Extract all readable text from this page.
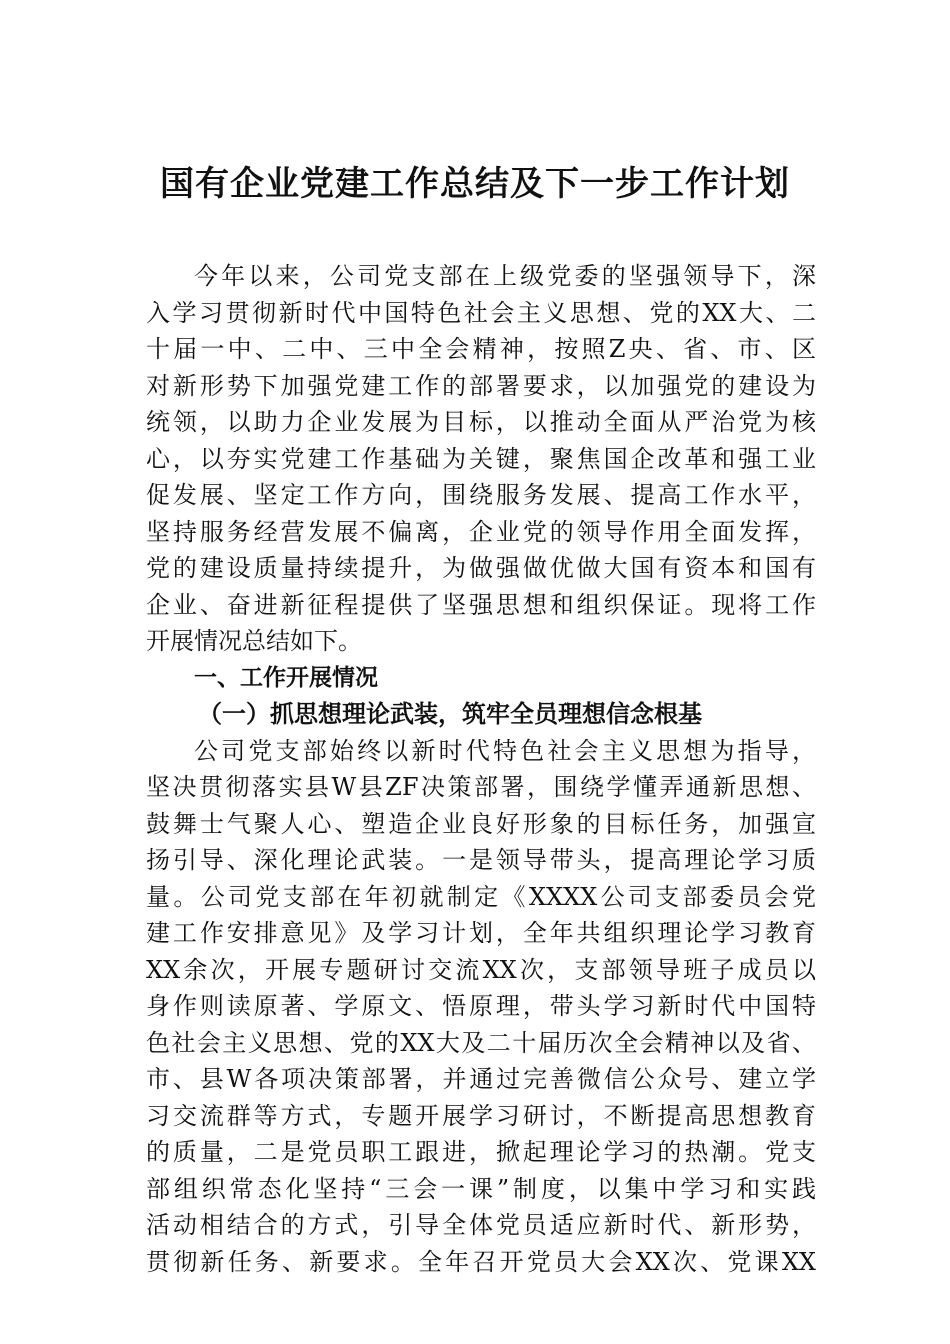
国有企业党建工作总结及下一步工作计划
今年以来，公司党支部在上级党委的坚强领导下，深
入学习贯彻新时代中国特色社会主义思想、党的XX大、二
十届一中、二中、三中全会精神，按照Z央、省、市、区
对新形势下加强党建工作的部署要求，以加强党的建设为
统领，以助力企业发展为目标，以推动全面从严治党为核
心，以夯实党建工作基础为关键，聚焦国企改革和强工业
促发展、坚定工作方向，围绕服务发展、提高工作水平，
坚持服务经营发展不偏离，企业党的领导作用全面发挥，
党的建设质量持续提升，为做强做优做大国有资本和国有
企业、奋进新征程提供了坚强思想和组织保证。现将工作
开展情况总结如下。
一、工作开展情况
（一）抓思想理论武装，筑牢全员理想信念根基
公司党支部始终以新时代特色社会主义思想为指导，
坚决贯彻落实县W县ZF决策部署，围绕学懂弄通新思想、
鼓舞士气聚人心、塑造企业良好形象的目标任务，加强宣
扬引导、深化理论武装。一是领导带头，提高理论学习质
量。公司党支部在年初就制定《XXXX公司支部委员会党
建工作安排意见》及学习计划，全年共组织理论学习教育
XX余次，开展专题研讨交流XX次，支部领导班子成员以
身作则读原著、学原文、悟原理，带头学习新时代中国特
色社会主义思想、党的XX大及二十届历次全会精神以及省、
市、县W各项决策部署，并通过完善微信公众号、建立学
习交流群等方式，专题开展学习研讨，不断提高思想教育
的质量，二是党员职工跟进，掀起理论学习的热潮。党支
部组织常态化坚持“三会一课”制度，以集中学习和实践
活动相结合的方式，引导全体党员适应新时代、新形势，
贯彻新任务、新要求。全年召开党员大会XX次、党课XX
